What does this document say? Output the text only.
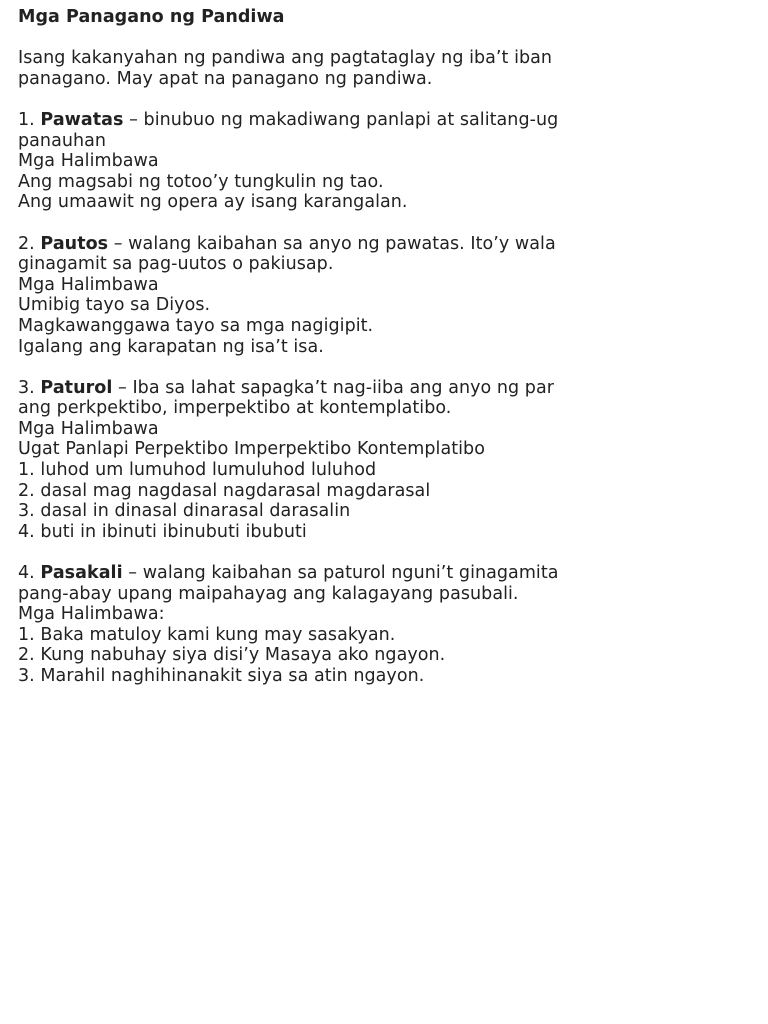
Mga Panagano ng Pandiwa
Isang kakanyahan ng pandiwa ang pagtataglay ng iba’t iban
panagano. May apat na panagano ng pandiwa.
1. Pawatas – binubuo ng makadiwang panlapi at salitang-ug
panauhan
Mga Halimbawa
Ang magsabi ng totoo’y tungkulin ng tao.
Ang umaawit ng opera ay isang karangalan.
2. Pautos – walang kaibahan sa anyo ng pawatas. Ito’y wala
ginagamit sa pag-uutos o pakiusap.
Mga Halimbawa
Umibig tayo sa Diyos.
Magkawanggawa tayo sa mga nagigipit.
Igalang ang karapatan ng isa’t isa.
3. Paturol – Iba sa lahat sapagka’t nag-iiba ang anyo ng par
ang perkpektibo, imperpektibo at kontemplatibo.
Mga Halimbawa
Ugat Panlapi Perpektibo Imperpektibo Kontemplatibo
1. luhod um lumuhod lumuluhod luluhod
2. dasal mag nagdasal nagdarasal magdarasal
3. dasal in dinasal dinarasal darasalin
4. buti in ibinuti ibinubuti ibubuti
4. Pasakali – walang kaibahan sa paturol nguni’t ginagamita
pang-abay upang maipahayag ang kalagayang pasubali.
Mga Halimbawa:
1. Baka matuloy kami kung may sasakyan.
2. Kung nabuhay siya disi’y Masaya ako ngayon.
3. Marahil naghihinanakit siya sa atin ngayon.
